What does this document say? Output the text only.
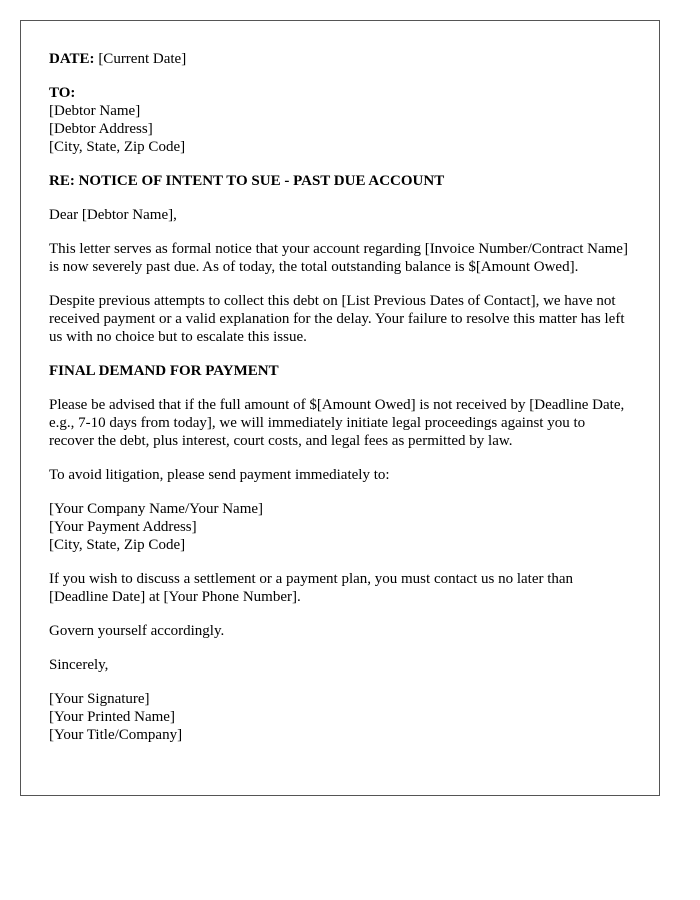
DATE: [Current Date]

TO:
[Debtor Name]
[Debtor Address]
[City, State, Zip Code]

RE: NOTICE OF INTENT TO SUE - PAST DUE ACCOUNT

Dear [Debtor Name],

This letter serves as formal notice that your account regarding [Invoice Number/Contract Name] is now severely past due. As of today, the total outstanding balance is $[Amount Owed].

Despite previous attempts to collect this debt on [List Previous Dates of Contact], we have not received payment or a valid explanation for the delay. Your failure to resolve this matter has left us with no choice but to escalate this issue.

FINAL DEMAND FOR PAYMENT

Please be advised that if the full amount of $[Amount Owed] is not received by [Deadline Date, e.g., 7-10 days from today], we will immediately initiate legal proceedings against you to recover the debt, plus interest, court costs, and legal fees as permitted by law.

To avoid litigation, please send payment immediately to:

[Your Company Name/Your Name]
[Your Payment Address]
[City, State, Zip Code]

If you wish to discuss a settlement or a payment plan, you must contact us no later than [Deadline Date] at [Your Phone Number].

Govern yourself accordingly.

Sincerely,

[Your Signature]
[Your Printed Name]
[Your Title/Company]
